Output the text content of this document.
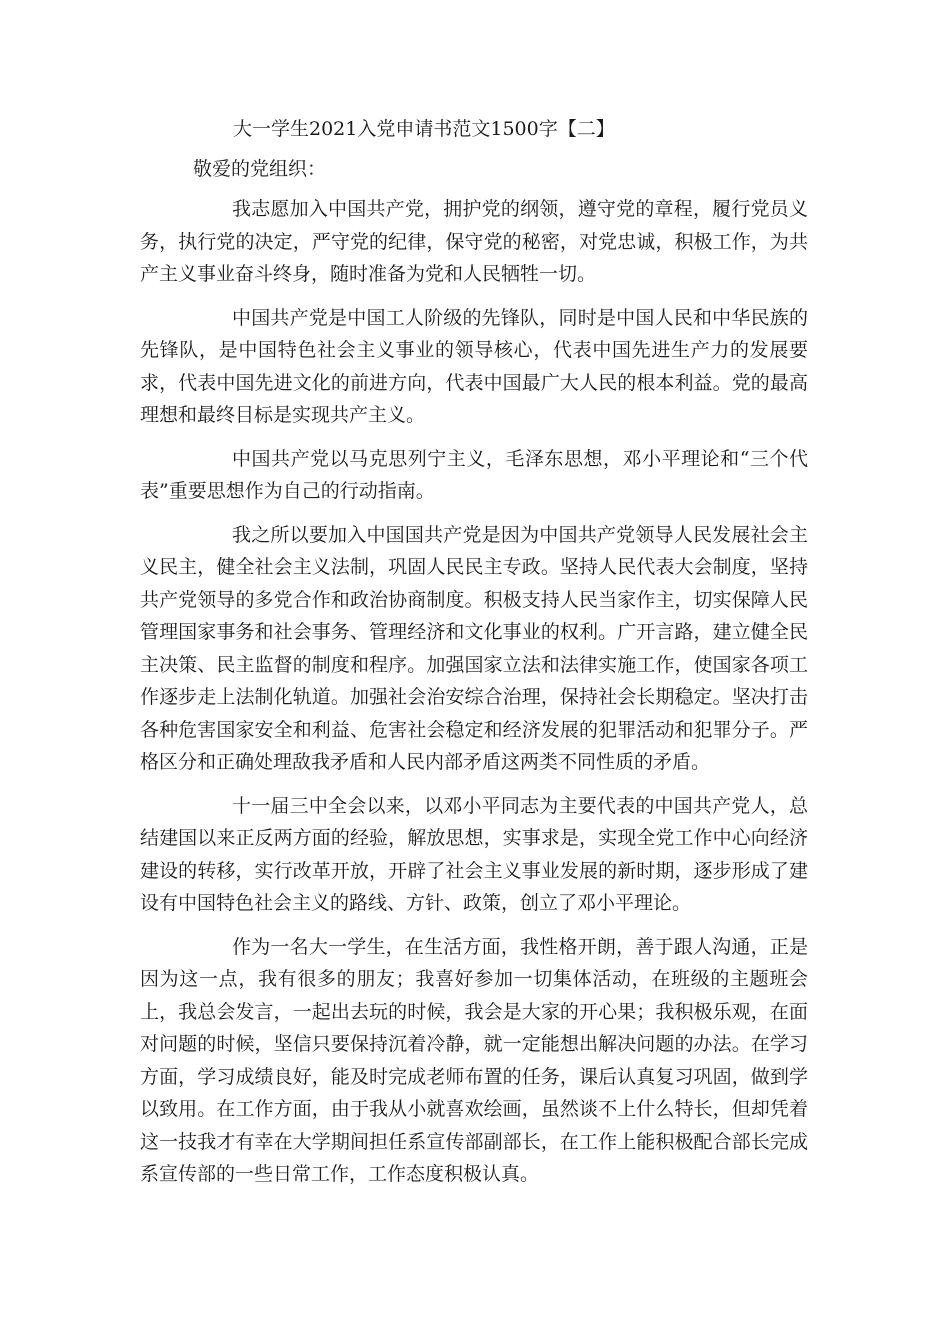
大一学生2021入党申请书范文1500字【二】

敬爱的党组织：

我志愿加入中国共产党，拥护党的纲领，遵守党的章程，履行党员义务，执行党的决定，严守党的纪律，保守党的秘密，对党忠诚，积极工作，为共产主义事业奋斗终身，随时准备为党和人民牺牲一切。

中国共产党是中国工人阶级的先锋队，同时是中国人民和中华民族的先锋队，是中国特色社会主义事业的领导核心，代表中国先进生产力的发展要求，代表中国先进文化的前进方向，代表中国最广大人民的根本利益。党的最高理想和最终目标是实现共产主义。

中国共产党以马克思列宁主义，毛泽东思想，邓小平理论和“三个代表”重要思想作为自己的行动指南。

我之所以要加入中国国共产党是因为中国共产党领导人民发展社会主义民主，健全社会主义法制，巩固人民民主专政。坚持人民代表大会制度，坚持共产党领导的多党合作和政治协商制度。积极支持人民当家作主，切实保障人民管理国家事务和社会事务、管理经济和文化事业的权利。广开言路，建立健全民主决策、民主监督的制度和程序。加强国家立法和法律实施工作，使国家各项工作逐步走上法制化轨道。加强社会治安综合治理，保持社会长期稳定。坚决打击各种危害国家安全和利益、危害社会稳定和经济发展的犯罪活动和犯罪分子。严格区分和正确处理敌我矛盾和人民内部矛盾这两类不同性质的矛盾。

十一届三中全会以来，以邓小平同志为主要代表的中国共产党人，总结建国以来正反两方面的经验，解放思想，实事求是，实现全党工作中心向经济建设的转移，实行改革开放，开辟了社会主义事业发展的新时期，逐步形成了建设有中国特色社会主义的路线、方针、政策，创立了邓小平理论。

作为一名大一学生，在生活方面，我性格开朗，善于跟人沟通，正是因为这一点，我有很多的朋友；我喜好参加一切集体活动，在班级的主题班会上，我总会发言，一起出去玩的时候，我会是大家的开心果；我积极乐观，在面对问题的时候，坚信只要保持沉着冷静，就一定能想出解决问题的办法。在学习方面，学习成绩良好，能及时完成老师布置的任务，课后认真复习巩固，做到学以致用。在工作方面，由于我从小就喜欢绘画，虽然谈不上什么特长，但却凭着这一技我才有幸在大学期间担任系宣传部副部长，在工作上能积极配合部长完成系宣传部的一些日常工作，工作态度积极认真。
